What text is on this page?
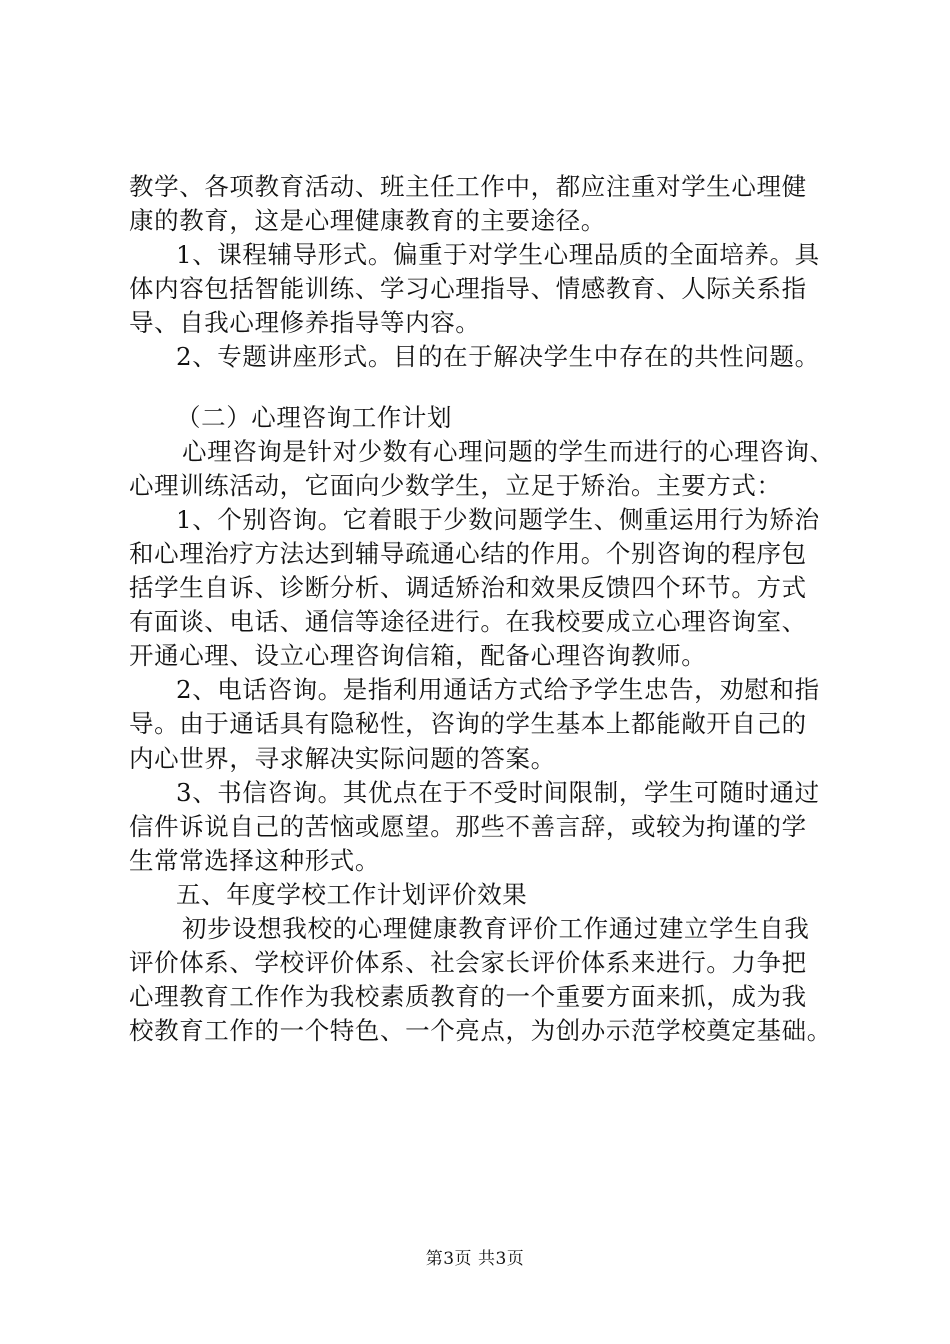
教学、各项教育活动、班主任工作中，都应注重对学生心理健
康的教育，这是心理健康教育的主要途径。
1、课程辅导形式。偏重于对学生心理品质的全面培养。具
体内容包括智能训练、学习心理指导、情感教育、人际关系指
导、自我心理修养指导等内容。
2、专题讲座形式。目的在于解决学生中存在的共性问题。
（二）心理咨询工作计划
心理咨询是针对少数有心理问题的学生而进行的心理咨询、
心理训练活动，它面向少数学生，立足于矫治。主要方式：
1、个别咨询。它着眼于少数问题学生、侧重运用行为矫治
和心理治疗方法达到辅导疏通心结的作用。个别咨询的程序包
括学生自诉、诊断分析、调适矫治和效果反馈四个环节。方式
有面谈、电话、通信等途径进行。在我校要成立心理咨询室、
开通心理、设立心理咨询信箱，配备心理咨询教师。
2、电话咨询。是指利用通话方式给予学生忠告，劝慰和指
导。由于通话具有隐秘性，咨询的学生基本上都能敞开自己的
内心世界，寻求解决实际问题的答案。
3、书信咨询。其优点在于不受时间限制，学生可随时通过
信件诉说自己的苦恼或愿望。那些不善言辞，或较为拘谨的学
生常常选择这种形式。
五、年度学校工作计划评价效果
初步设想我校的心理健康教育评价工作通过建立学生自我
评价体系、学校评价体系、社会家长评价体系来进行。力争把
心理教育工作作为我校素质教育的一个重要方面来抓，成为我
校教育工作的一个特色、一个亮点，为创办示范学校奠定基础。
第3页 共3页
